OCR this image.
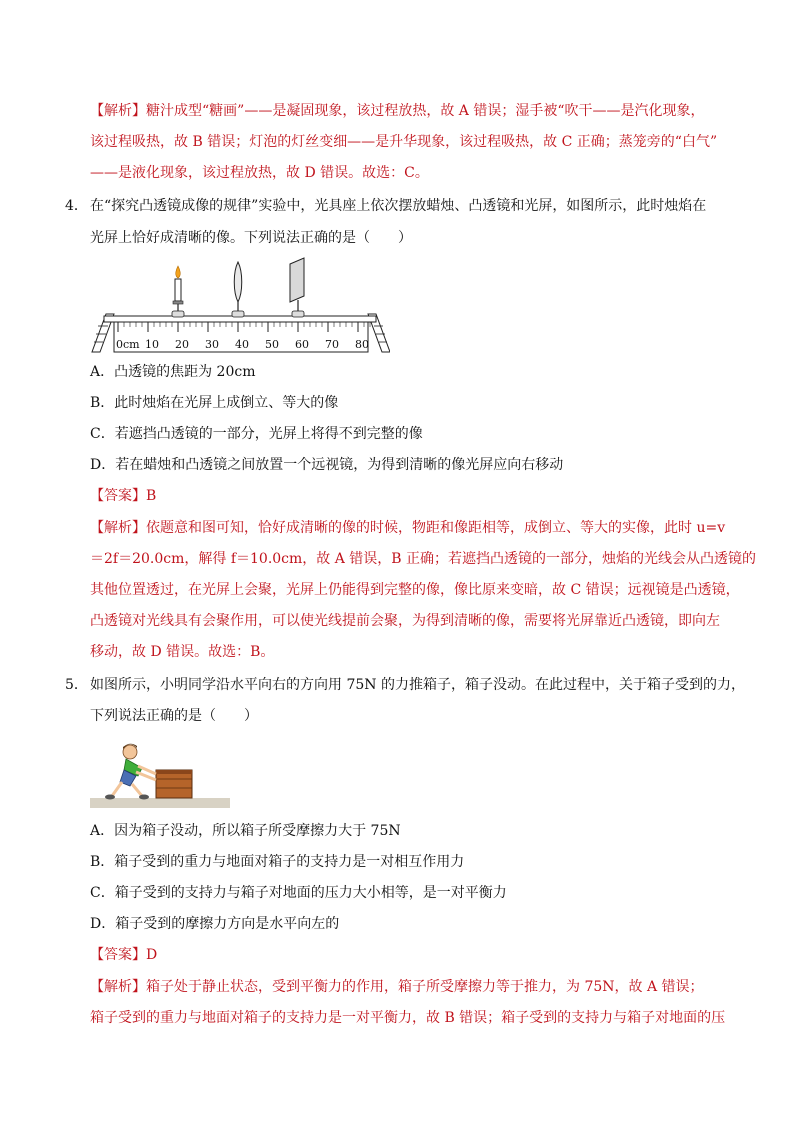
【解析】糖汁成型“糖画”——是凝固现象，该过程放热，故 A 错误；湿手被“吹干——是汽化现象，
该过程吸热，故 B 错误；灯泡的灯丝变细——是升华现象，该过程吸热，故 C 正确；蒸笼旁的“白气”
——是液化现象，该过程放热，故 D 错误。故选：C。
4． 在“探究凸透镜成像的规律”实验中，光具座上依次摆放蜡烛、凸透镜和光屏，如图所示，此时烛焰在
光屏上恰好成清晰的像。下列说法正确的是（　　）
0cm 10 20 30 40 50 60 70 80
A．凸透镜的焦距为 20cm
B．此时烛焰在光屏上成倒立、等大的像
C．若遮挡凸透镜的一部分，光屏上将得不到完整的像
D．若在蜡烛和凸透镜之间放置一个远视镜，为得到清晰的像光屏应向右移动
【答案】B
【解析】依题意和图可知，恰好成清晰的像的时候，物距和像距相等，成倒立、等大的实像，此时 u=v
＝2f＝20.0cm，解得 f＝10.0cm，故 A 错误，B 正确；若遮挡凸透镜的一部分，烛焰的光线会从凸透镜的
其他位置透过，在光屏上会聚，光屏上仍能得到完整的像，像比原来变暗，故 C 错误；远视镜是凸透镜，
凸透镜对光线具有会聚作用，可以使光线提前会聚，为得到清晰的像，需要将光屏靠近凸透镜，即向左
移动，故 D 错误。故选：B。
5． 如图所示，小明同学沿水平向右的方向用 75N 的力推箱子，箱子没动。在此过程中，关于箱子受到的力，
下列说法正确的是（　　）
A．因为箱子没动，所以箱子所受摩擦力大于 75N
B．箱子受到的重力与地面对箱子的支持力是一对相互作用力
C．箱子受到的支持力与箱子对地面的压力大小相等，是一对平衡力
D．箱子受到的摩擦力方向是水平向左的
【答案】D
【解析】箱子处于静止状态，受到平衡力的作用，箱子所受摩擦力等于推力，为 75N，故 A 错误；
箱子受到的重力与地面对箱子的支持力是一对平衡力，故 B 错误；箱子受到的支持力与箱子对地面的压
